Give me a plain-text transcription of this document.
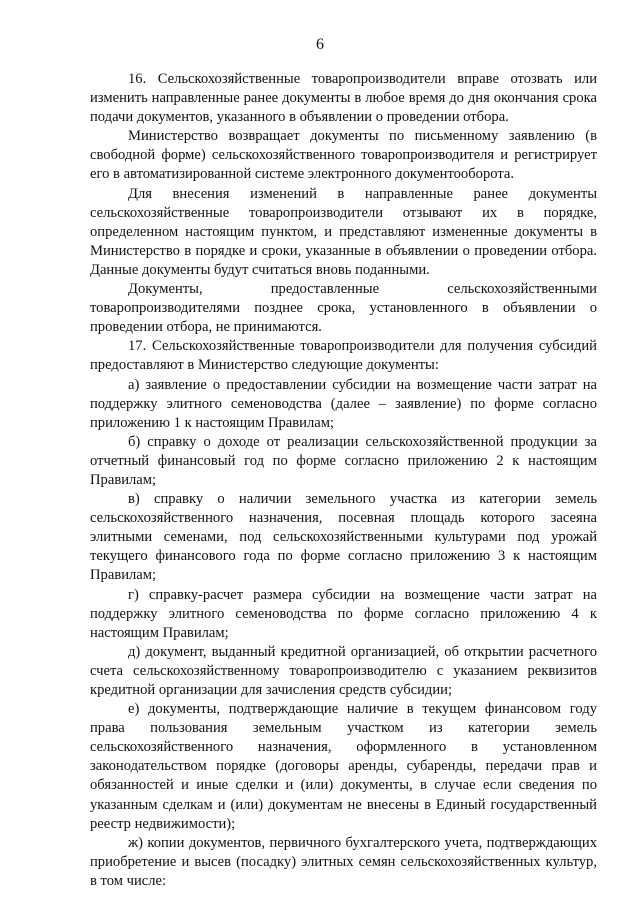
6

16. Сельскохозяйственные товаропроизводители вправе отозвать или изменить направленные ранее документы в любое время до дня окончания срока подачи документов, указанного в объявлении о проведении отбора.

Министерство возвращает документы по письменному заявлению (в свободной форме) сельскохозяйственного товаропроизводителя и регистрирует его в автоматизированной системе электронного документооборота.

Для внесения изменений в направленные ранее документы сельскохозяйственные товаропроизводители отзывают их в порядке, определенном настоящим пунктом, и представляют измененные документы в Министерство в порядке и сроки, указанные в объявлении о проведении отбора. Данные документы будут считаться вновь поданными.

Документы, предоставленные сельскохозяйственными товаропроизводителями позднее срока, установленного в объявлении о проведении отбора, не принимаются.

17. Сельскохозяйственные товаропроизводители для получения субсидий предоставляют в Министерство следующие документы:

а) заявление о предоставлении субсидии на возмещение части затрат на поддержку элитного семеноводства (далее – заявление) по форме согласно приложению 1 к настоящим Правилам;

б) справку о доходе от реализации сельскохозяйственной продукции за отчетный финансовый год по форме согласно приложению 2 к настоящим Правилам;

в) справку о наличии земельного участка из категории земель сельскохозяйственного назначения, посевная площадь которого засеяна элитными семенами, под сельскохозяйственными культурами под урожай текущего финансового года по форме согласно приложению 3 к настоящим Правилам;

г) справку-расчет размера субсидии на возмещение части затрат на поддержку элитного семеноводства по форме согласно приложению 4 к настоящим Правилам;

д) документ, выданный кредитной организацией, об открытии расчетного счета сельскохозяйственному товаропроизводителю с указанием реквизитов кредитной организации для зачисления средств субсидии;

е) документы, подтверждающие наличие в текущем финансовом году права пользования земельным участком из категории земель сельскохозяйственного назначения, оформленного в установленном законодательством порядке (договоры аренды, субаренды, передачи прав и обязанностей и иные сделки и (или) документы, в случае если сведения по указанным сделкам и (или) документам не внесены в Единый государственный реестр недвижимости);

ж) копии документов, первичного бухгалтерского учета, подтверждающих приобретение и высев (посадку) элитных семян сельскохозяйственных культур, в том числе:
